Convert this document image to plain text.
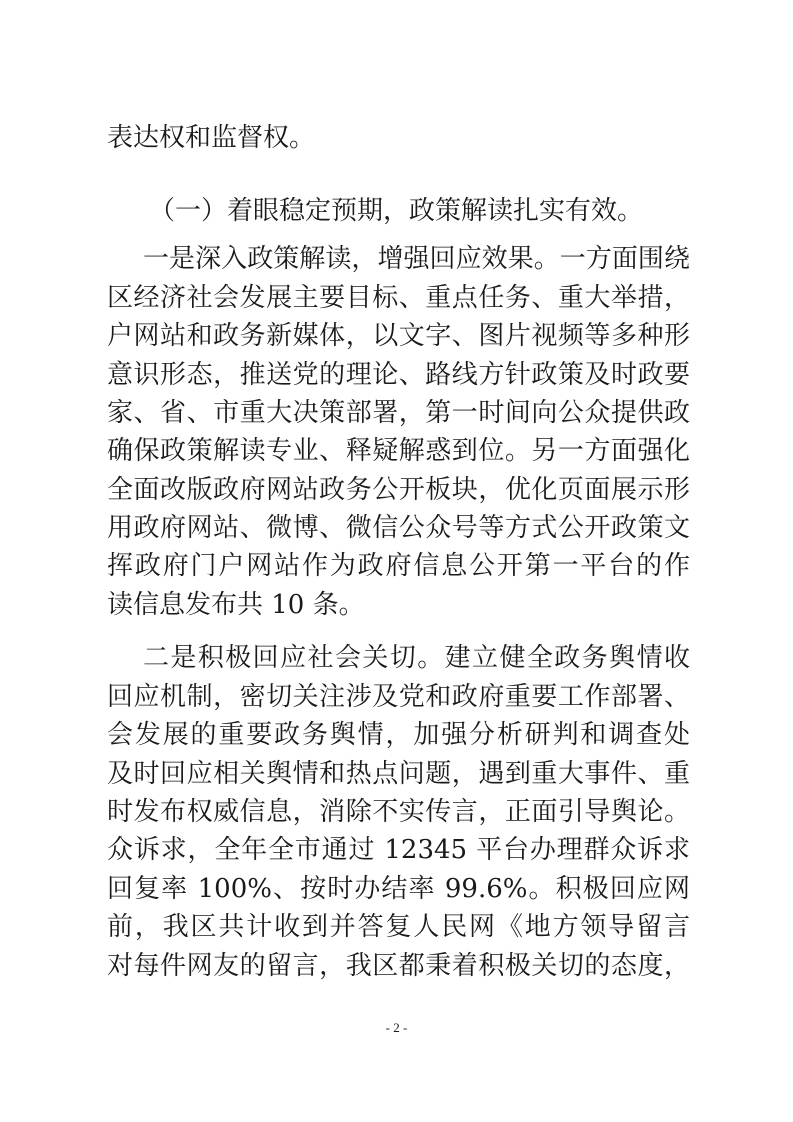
表达权和监督权。
（一）着眼稳定预期，政策解读扎实有效。
一是深入政策解读，增强回应效果。一方面围绕
区经济社会发展主要目标、重点任务、重大举措，
户网站和政务新媒体，以文字、图片视频等多种形
意识形态，推送党的理论、路线方针政策及时政要
家、省、市重大决策部署，第一时间向公众提供政
确保政策解读专业、释疑解惑到位。另一方面强化
全面改版政府网站政务公开板块，优化页面展示形
用政府网站、微博、微信公众号等方式公开政策文
挥政府门户网站作为政府信息公开第一平台的作
读信息发布共 10 条。
二是积极回应社会关切。建立健全政务舆情收
回应机制，密切关注涉及党和政府重要工作部署、
会发展的重要政务舆情，加强分析研判和调查处
及时回应相关舆情和热点问题，遇到重大事件、重
时发布权威信息，消除不实传言，正面引导舆论。
众诉求，全年全市通过 12345 平台办理群众诉求
回复率 100%、按时办结率 99.6%。积极回应网
前，我区共计收到并答复人民网《地方领导留言
对每件网友的留言，我区都秉着积极关切的态度，
- 2 -
